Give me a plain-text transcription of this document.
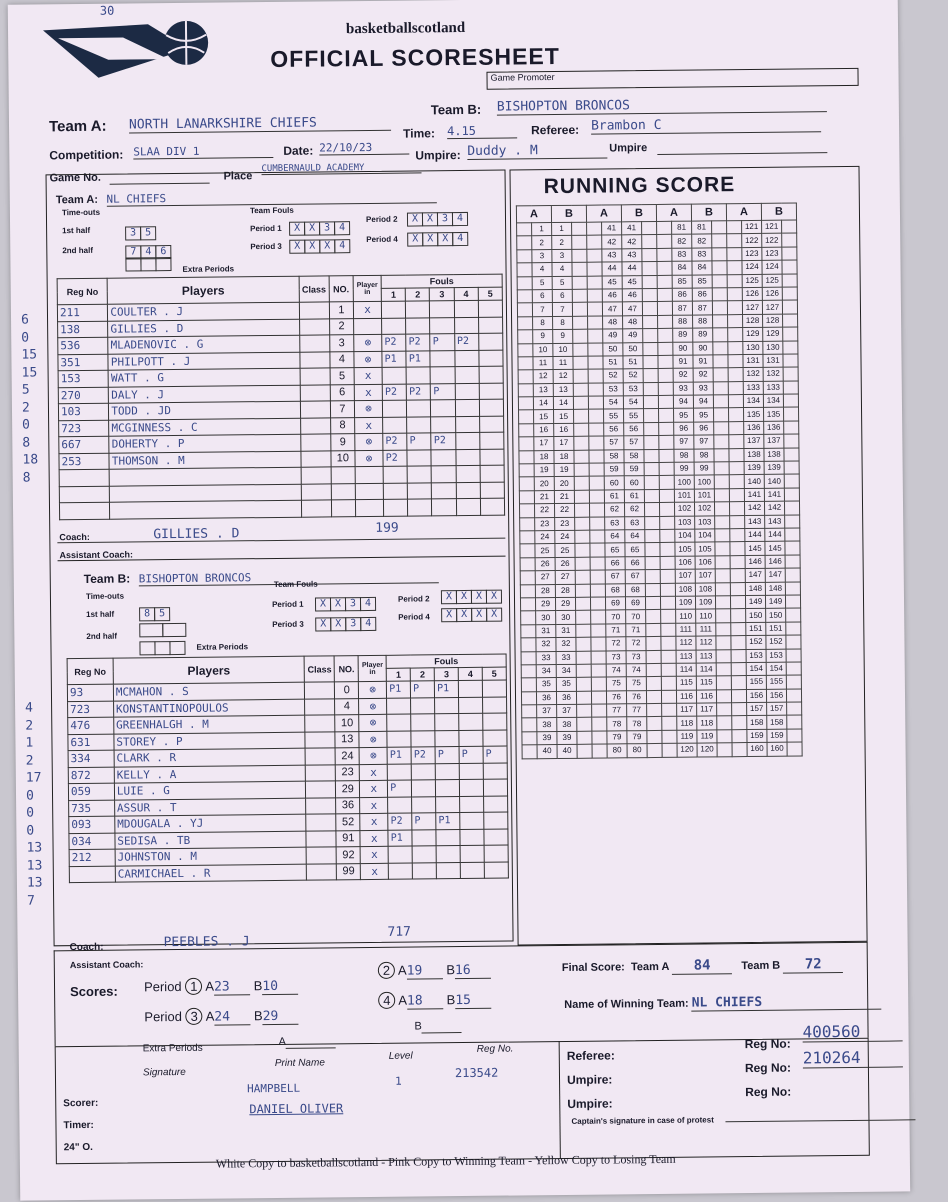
30
basketballscotland
OFFICIAL SCORESHEET
Game Promoter
Team A: NORTH LANARKSHIRE CHIEFS
Team B: BISHOPTON BRONCOS
Time: 4.15	Referee: Brambon C
Competition: SLAA DIV 1	Date: 22/10/23
Umpire: Duddy . M	Umpire
Game No.	Place
CUMBERNAULD ACADEMY
Team A: NL CHIEFS
Time-outs
1st half	3 5
2nd half	7 4 6
Extra Periods
Team Fouls
Period 1	X X 3 4
Period 2	X X 3 4
Period 3	X X X 4
Period 4	X X X 4
Reg No	Players	Class	NO.	Player in	Fouls				
					1	2	3	4	5
211	COULTER . J		1	x					
138	GILLIES . D		2						
536	MLADENOVIC . G		3	⊗	P2	P2	P	P2	
351	PHILPOTT . J		4	⊗	P1	P1			
153	WATT . G		5	x					
270	DALY . J		6	x	P2	P2	P		
103	TODD . JD		7	⊗					
723	MCGINNESS . C		8	x					
667	DOHERTY . P		9	⊗	P2	P	P2		
253	THOMSON . M		10	⊗	P2				

6
0
15
15
5
2
0
8
18
8
Coach:	GILLIES . D	199
Assistant Coach:
Team B: BISHOPTON BRONCOS
Time-outs
1st half	8 5
2nd half
Extra Periods
Team Fouls
Period 1	X X 3 4	Period 2	X X X X
Period 3	X X 3 4
Period 4	X X X X
Reg No	Players	Class	NO.	Player in	Fouls				
					1	2	3	4	5
93	MCMAHON . S		0	⊗	P1	P	P1		
723	KONSTANTINOPOULOS		4	⊗					
476	GREENHALGH . M		10	⊗					
631	STOREY . P		13	⊗					
334	CLARK . R		24	⊗	P1	P2	P	P	P
872	KELLY . A		23	x					
059	LUIE . G		29	x	P				
735	ASSUR . T		36	x					
093	MDOUGALA . YJ		52	x	P2	P	P1		
034	SEDISA . TB		91	x	P1				
212	JOHNSTON . M		92	x					
	CARMICHAEL . R		99	x					
4
2
1
2
17
0
0
0
13
13
13
7
Coach:	PEEBLES . J
717
Assistant Coach:
RUNNING SCORE
A		B		A		B		A		B		A		B	
	1	1			41	41			81	81			121	121	
	2	2			42	42			82	82			122	122	
	3	3			43	43			83	83			123	123	
	4	4			44	44			84	84			124	124	
	5	5			45	45			85	85			125	125	
	6	6			46	46			86	86			126	126	
	7	7			47	47			87	87			127	127	
	8	8			48	48			88	88			128	128	
	9	9			49	49			89	89			129	129	
	10	10			50	50			90	90			130	130	
	11	11			51	51			91	91			131	131	
	12	12			52	52			92	92			132	132	
	13	13			53	53			93	93			133	133	
	14	14			54	54			94	94			134	134	
	15	15			55	55			95	95			135	135	
	16	16			56	56			96	96			136	136	
	17	17			57	57			97	97			137	137	
	18	18			58	58			98	98			138	138	
	19	19			59	59			99	99			139	139	
	20	20			60	60			100	100			140	140	
	21	21			61	61			101	101			141	141	
	22	22			62	62			102	102			142	142	
	23	23			63	63			103	103			143	143	
	24	24			64	64			104	104			144	144	
	25	25			65	65			105	105			145	145	
	26	26			66	66			106	106			146	146	
	27	27			67	67			107	107			147	147	
	28	28			68	68			108	108			148	148	
	29	29			69	69			109	109			149	149	
	30	30			70	70			110	110			150	150	
	31	31			71	71			111	111			151	151	
	32	32			72	72			112	112			152	152	
	33	33			73	73			113	113			153	153	
	34	34			74	74			114	114			154	154	
	35	35			75	75			115	115			155	155	
	36	36			76	76			116	116			156	156	
	37	37			77	77			117	117			157	157	
	38	38			78	78			118	118			158	158	
	39	39			79	79			119	119			159	159	
	40	40			80	80			120	120			160	160	
Scores: Period 1 A23 B10
2 A19 B16
Period 3 A24 B29
4 A18 B15
A
B
Extra Periods
Final Score: Team A 84	Team B 72
Name of Winning Team: NL CHIEFS
Signature
Print Name
Level
Reg No.
Scorer:
HAMPBELL
1
213542
Timer:
DANIEL OLIVER
24" O.
Referee:
Reg No:
400560
Umpire:
Reg No:
210264
Umpire:
Reg No:
Captain's signature in case of protest
White Copy to basketballscotland - Pink Copy to Winning Team - Yellow Copy to Losing Team
